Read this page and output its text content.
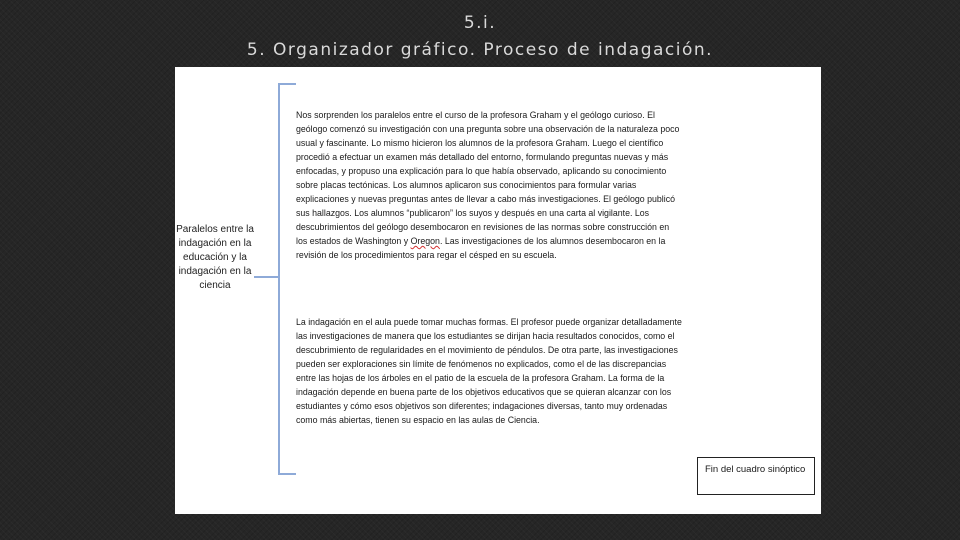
5.i.
5. Organizador gráfico. Proceso de indagación.
Paralelos entre la indagación en la educación y la indagación en la ciencia
Nos sorprenden los paralelos entre el curso de la profesora Graham y el geólogo curioso. El geólogo comenzó su investigación con una pregunta sobre una observación de la naturaleza poco usual y fascinante. Lo mismo hicieron los alumnos de la profesora Graham. Luego el científico procedió a efectuar un examen más detallado del entorno, formulando preguntas nuevas y más enfocadas, y propuso una explicación para lo que había observado, aplicando su conocimiento sobre placas tectónicas. Los alumnos aplicaron sus conocimientos para formular varias explicaciones y nuevas preguntas antes de llevar a cabo más investigaciones. El geólogo publicó sus hallazgos. Los alumnos “publicaron” los suyos y después en una carta al vigilante. Los descubrimientos del geólogo desembocaron en revisiones de las normas sobre construcción en los estados de Washington y Oregon. Las investigaciones de los alumnos desembocaron en la revisión de los procedimientos para regar el césped en su escuela.
La indagación en el aula puede tomar muchas formas. El profesor puede organizar detalladamente las investigaciones de manera que los estudiantes se dirijan hacia resultados conocidos, como el descubrimiento de regularidades en el movimiento de péndulos. De otra parte, las investigaciones pueden ser exploraciones sin límite de fenómenos no explicados, como el de las discrepancias entre las hojas de los árboles en el patio de la escuela de la profesora Graham. La forma de la indagación depende en buena parte de los objetivos educativos que se quieran alcanzar con los estudiantes y cómo esos objetivos son diferentes; indagaciones diversas, tanto muy ordenadas como más abiertas, tienen su espacio en las aulas de Ciencia.
Fin del cuadro sinóptico
